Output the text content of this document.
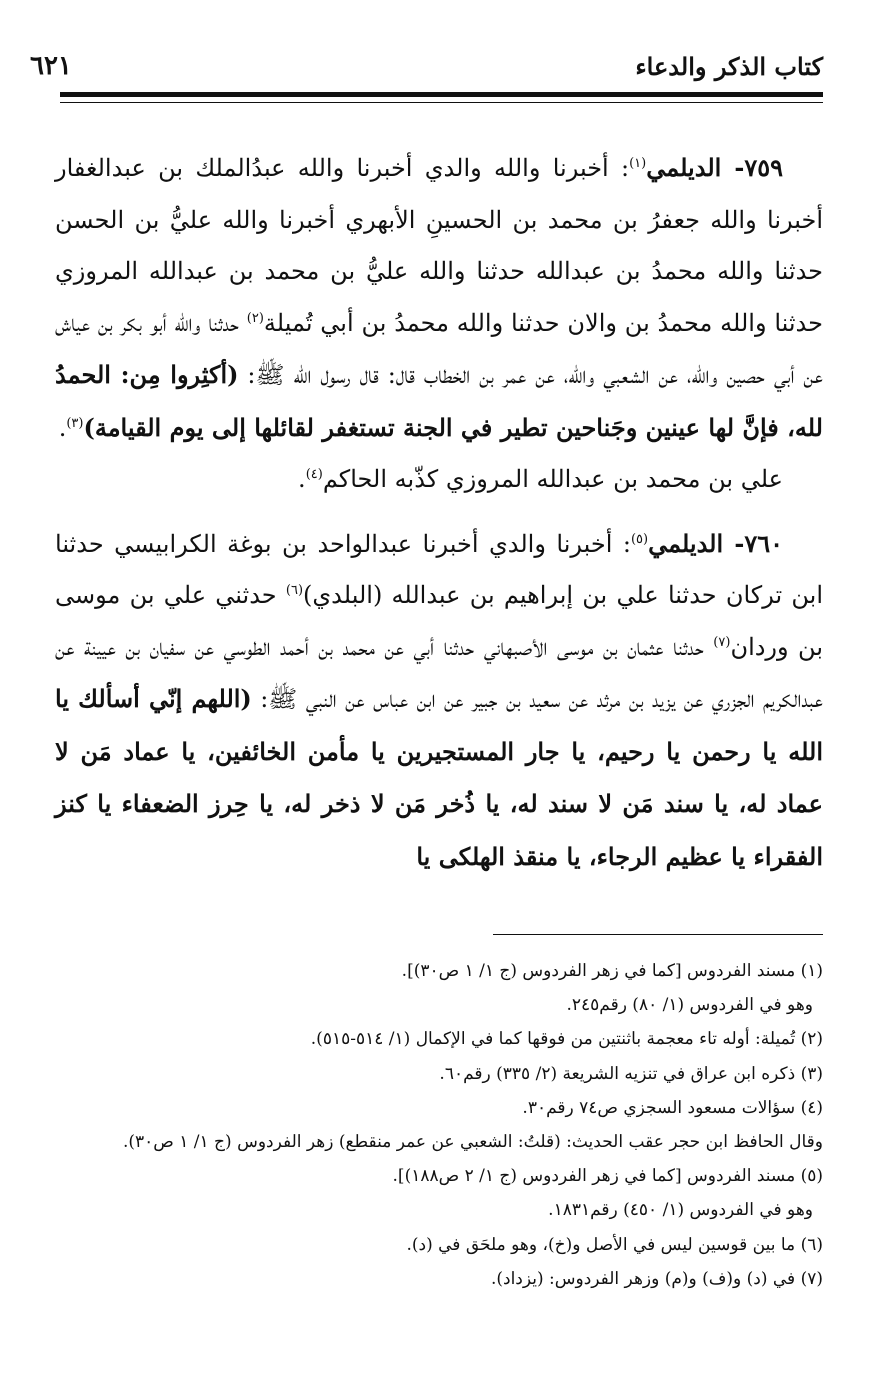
كتاب الذكر والدعاء
٦٢١

٧٥٩- الديلمي$^{(١)}$: أخبرنا والله والدي أخبرنا والله عبدُالملك بن عبدالغفار أخبرنا والله جعفرُ بن محمد بن الحسينِ الأبهري أخبرنا والله عليُّ بن الحسن حدثنا والله محمدُ بن عبدالله حدثنا والله عليُّ بن محمد بن عبدالله المروزي حدثنا والله محمدُ بن والان حدثنا والله محمدُ بن أبي تُميلة$^{(٢)}$ حدثنا والله أبو بكر بن عياش عن أبي حصين والله، عن الشعبي والله، عن عمر بن الخطاب قال: قال رسول الله ﷺ: (أكثِروا مِن: الحمدُ لله، فإنَّ لها عينين وجَناحين تطير في الجنة تستغفر لقائلها إلى يوم القيامة)$^{(٣)}$.

علي بن محمد بن عبدالله المروزي كذّبه الحاكم$^{(٤)}$.

٧٦٠- الديلمي$^{(٥)}$: أخبرنا والدي أخبرنا عبدالواحد بن بوغة الكرابيسي حدثنا ابن تركان حدثنا علي بن إبراهيم بن عبدالله (البلدي)$^{(٦)}$ حدثني علي بن موسى بن وردان$^{(٧)}$ حدثنا عثمان بن موسى الأصبهاني حدثنا أبي عن محمد بن أحمد الطوسي عن سفيان بن عيينة عن عبدالكريم الجزري عن يزيد بن مرثد عن سعيد بن جبير عن ابن عباس عن النبي ﷺ: (اللهم إنّي أسألك يا الله يا رحمن يا رحيم، يا جار المستجيرين يا مأمن الخائفين، يا عماد مَن لا عماد له، يا سند مَن لا سند له، يا ذُخر مَن لا ذخر له، يا حِرز الضعفاء يا كنز الفقراء يا عظيم الرجاء، يا منقذ الهلكى يا

(١) مسند الفردوس [كما في زهر الفردوس (ج ١/ ١ ص٣٠)].
وهو في الفردوس (١/ ٨٠) رقم٢٤٥.
(٢) تُميلة: أوله تاء معجمة باثنتين من فوقها كما في الإكمال (١/ ٥١٤-٥١٥).
(٣) ذكره ابن عراق في تنزيه الشريعة (٢/ ٣٣٥) رقم٦٠.
(٤) سؤالات مسعود السجزي ص٧٤ رقم٣٠.
وقال الحافظ ابن حجر عقب الحديث: (قلتُ: الشعبي عن عمر منقطع) زهر الفردوس (ج ١/ ١ ص٣٠).
(٥) مسند الفردوس [كما في زهر الفردوس (ج ١/ ٢ ص١٨٨)].
وهو في الفردوس (١/ ٤٥٠) رقم١٨٣١.
(٦) ما بين قوسين ليس في الأصل و(خ)، وهو ملحَق في (د).
(٧) في (د) و(ف) و(م) وزهر الفردوس: (يزداد).
